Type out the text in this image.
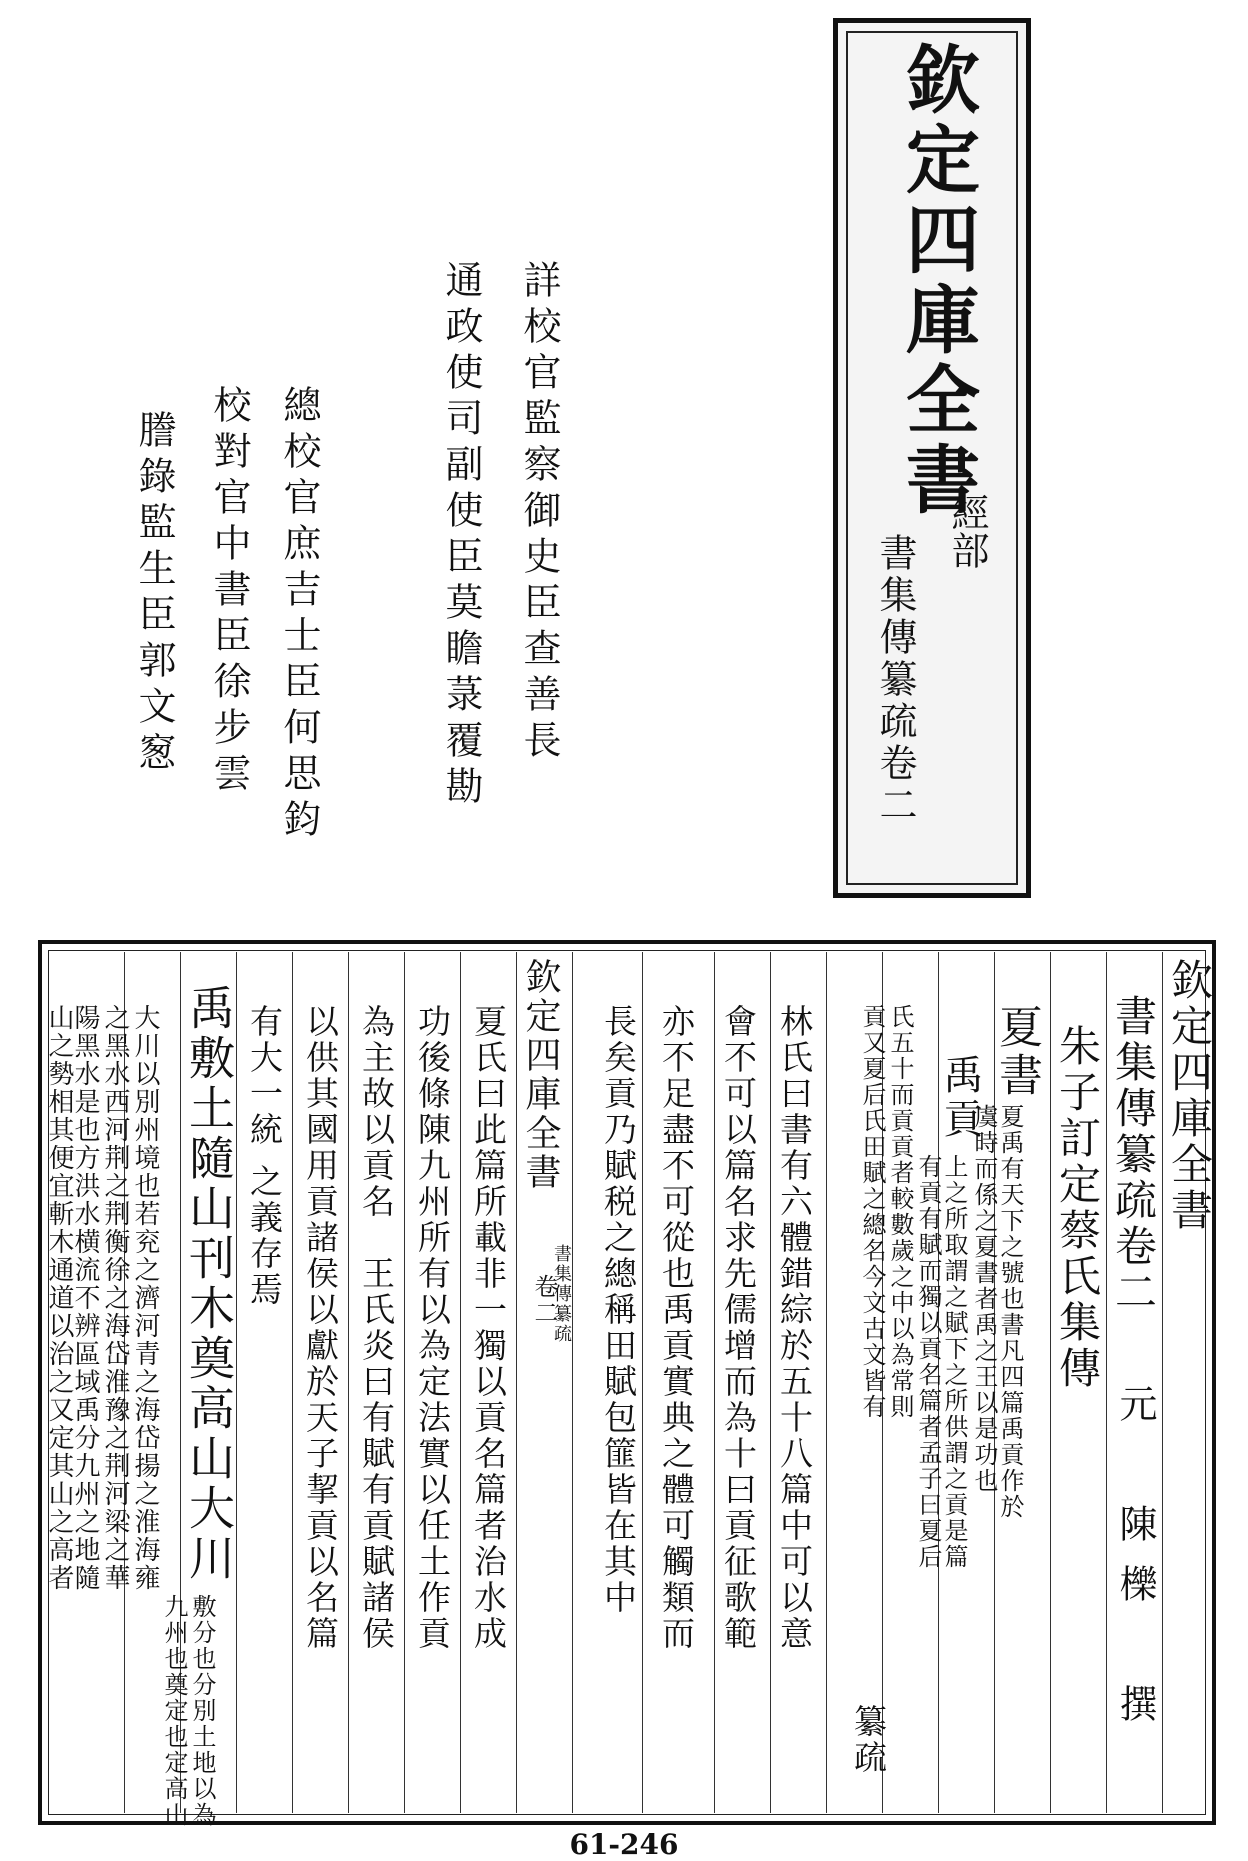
欽定四庫全書
經部
書集傳纂疏卷二
詳校官監察御史臣查善長
通政使司副使臣莫瞻菉覆勘
總校官庶吉士臣何思鈞
校對官中書臣徐步雲
謄錄監生臣郭文䆫
欽定四庫全書
書集傳纂疏卷二
元　陳櫟　撰
朱子訂定蔡氏集傳
夏書
夏禹有天下之號也書凡四篇禹貢作於
虞時而係之夏書者禹之王以是功也
禹貢
上之所取謂之賦下之所供謂之貢是篇
有貢有賦而獨以貢名篇者孟子曰夏后
氏五十而貢貢者較數歲之中以為常則
貢又夏后氏田賦之總名今文古文皆有
纂疏
林氏曰書有六體錯綜於五十八篇中可以意
會不可以篇名求先儒增而為十曰貢征歌範
亦不足盡不可從也禹貢實典之體可觸類而
長矣貢乃賦税之總稱田賦包篚皆在其中
欽定四庫全書
卷二
書集傳纂疏
夏氏曰此篇所載非一獨以貢名篇者治水成
功後條陳九州所有以為定法實以任土作貢
為主故以貢名　王氏炎曰有賦有貢賦諸侯
以供其國用貢諸侯以獻於天子挈貢以名篇
有大一統
之義存焉
禹敷土隨山刊木奠高山大川
敷分也分別土地以為
九州也奠定也定高山
大川以別州境也若兖之濟河青之海岱揚之淮海雍
之黑水西河荆之荆衡徐之海岱淮豫之荆河梁之華
陽黑水是也方洪水横流不辨區域禹分九州之地隨
山之勢相其便宜斬木通道以治之又定其山之高者
61-246
